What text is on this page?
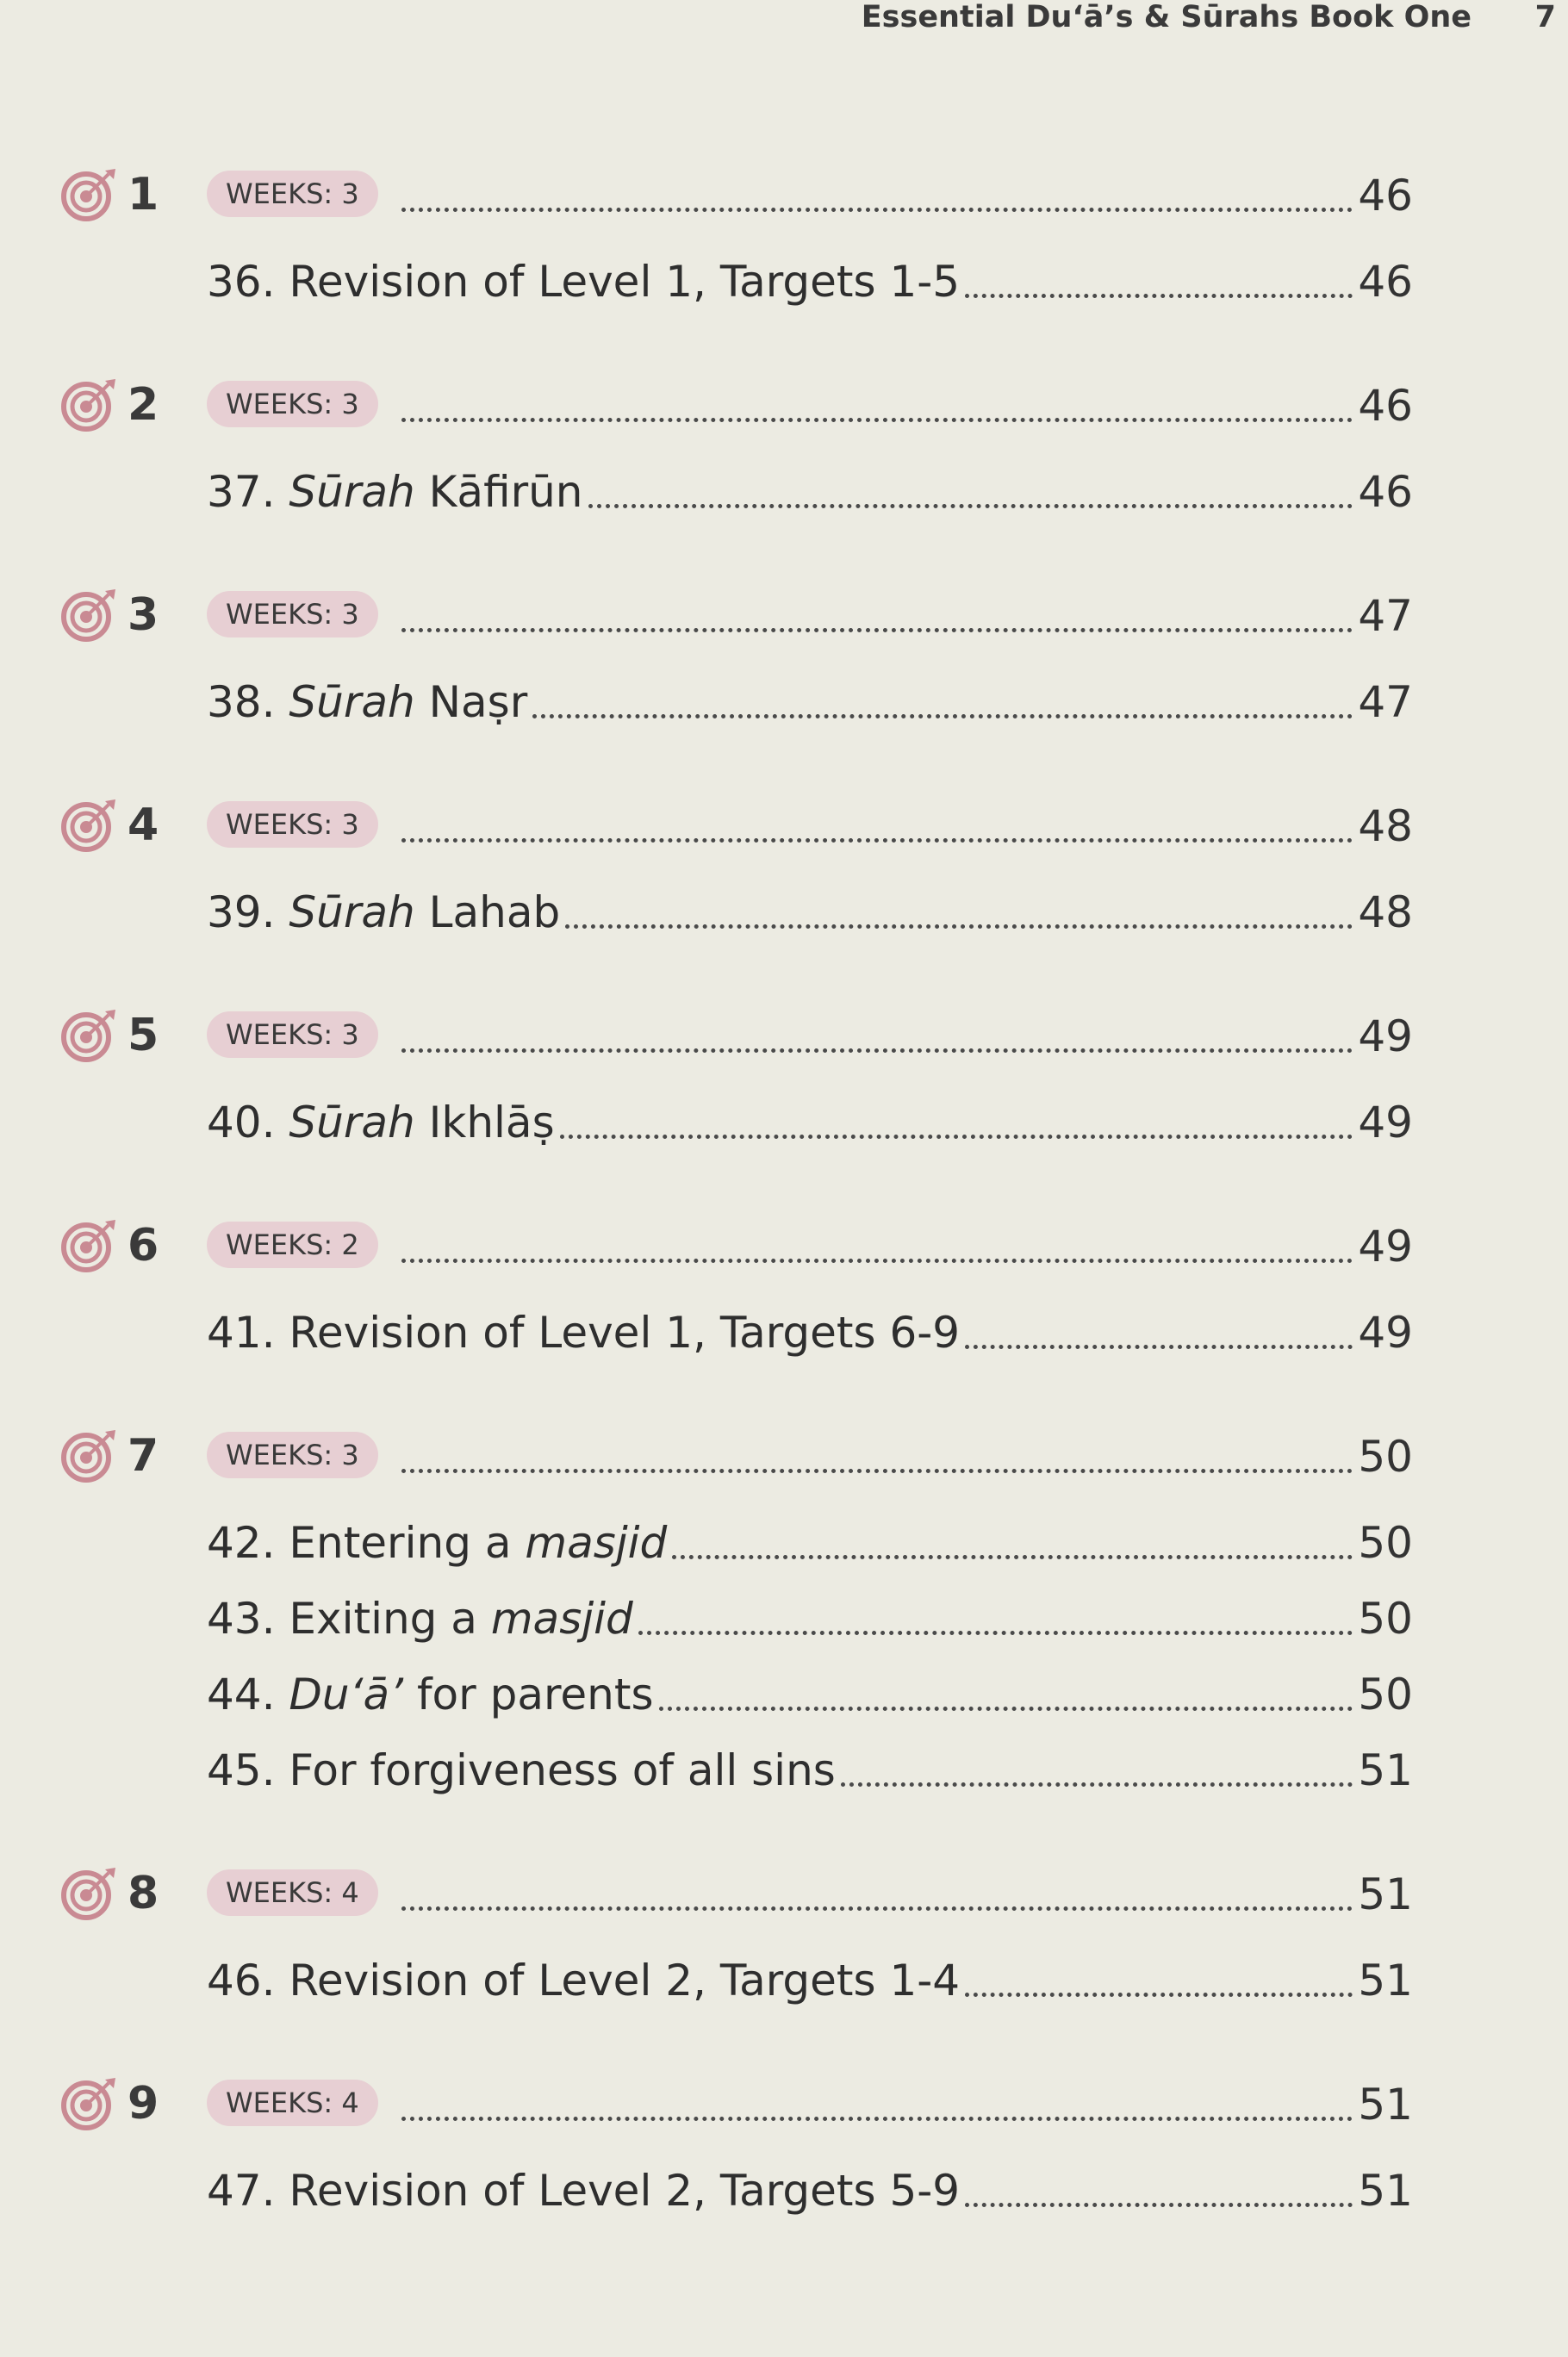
Essential Du‘ā’s & Sūrahs Book One 7
1	WEEKS: 3	46
36. Revision of Level 1, Targets 1-5	46
2	WEEKS: 3	46
37. Sūrah Kāfirūn	46
3	WEEKS: 3	47
38. Sūrah Naṣr	47
4	WEEKS: 3	48
39. Sūrah Lahab	48
5	WEEKS: 3	49
40. Sūrah Ikhlāṣ	49
6	WEEKS: 2	49
41. Revision of Level 1, Targets 6-9	49
7	WEEKS: 3	50
42. Entering a masjid	50
43. Exiting a masjid	50
44. Du‘ā’ for parents	50
45. For forgiveness of all sins	51
8	WEEKS: 4	51
46. Revision of Level 2, Targets 1-4	51
9	WEEKS: 4	51
47. Revision of Level 2, Targets 5-9	51
